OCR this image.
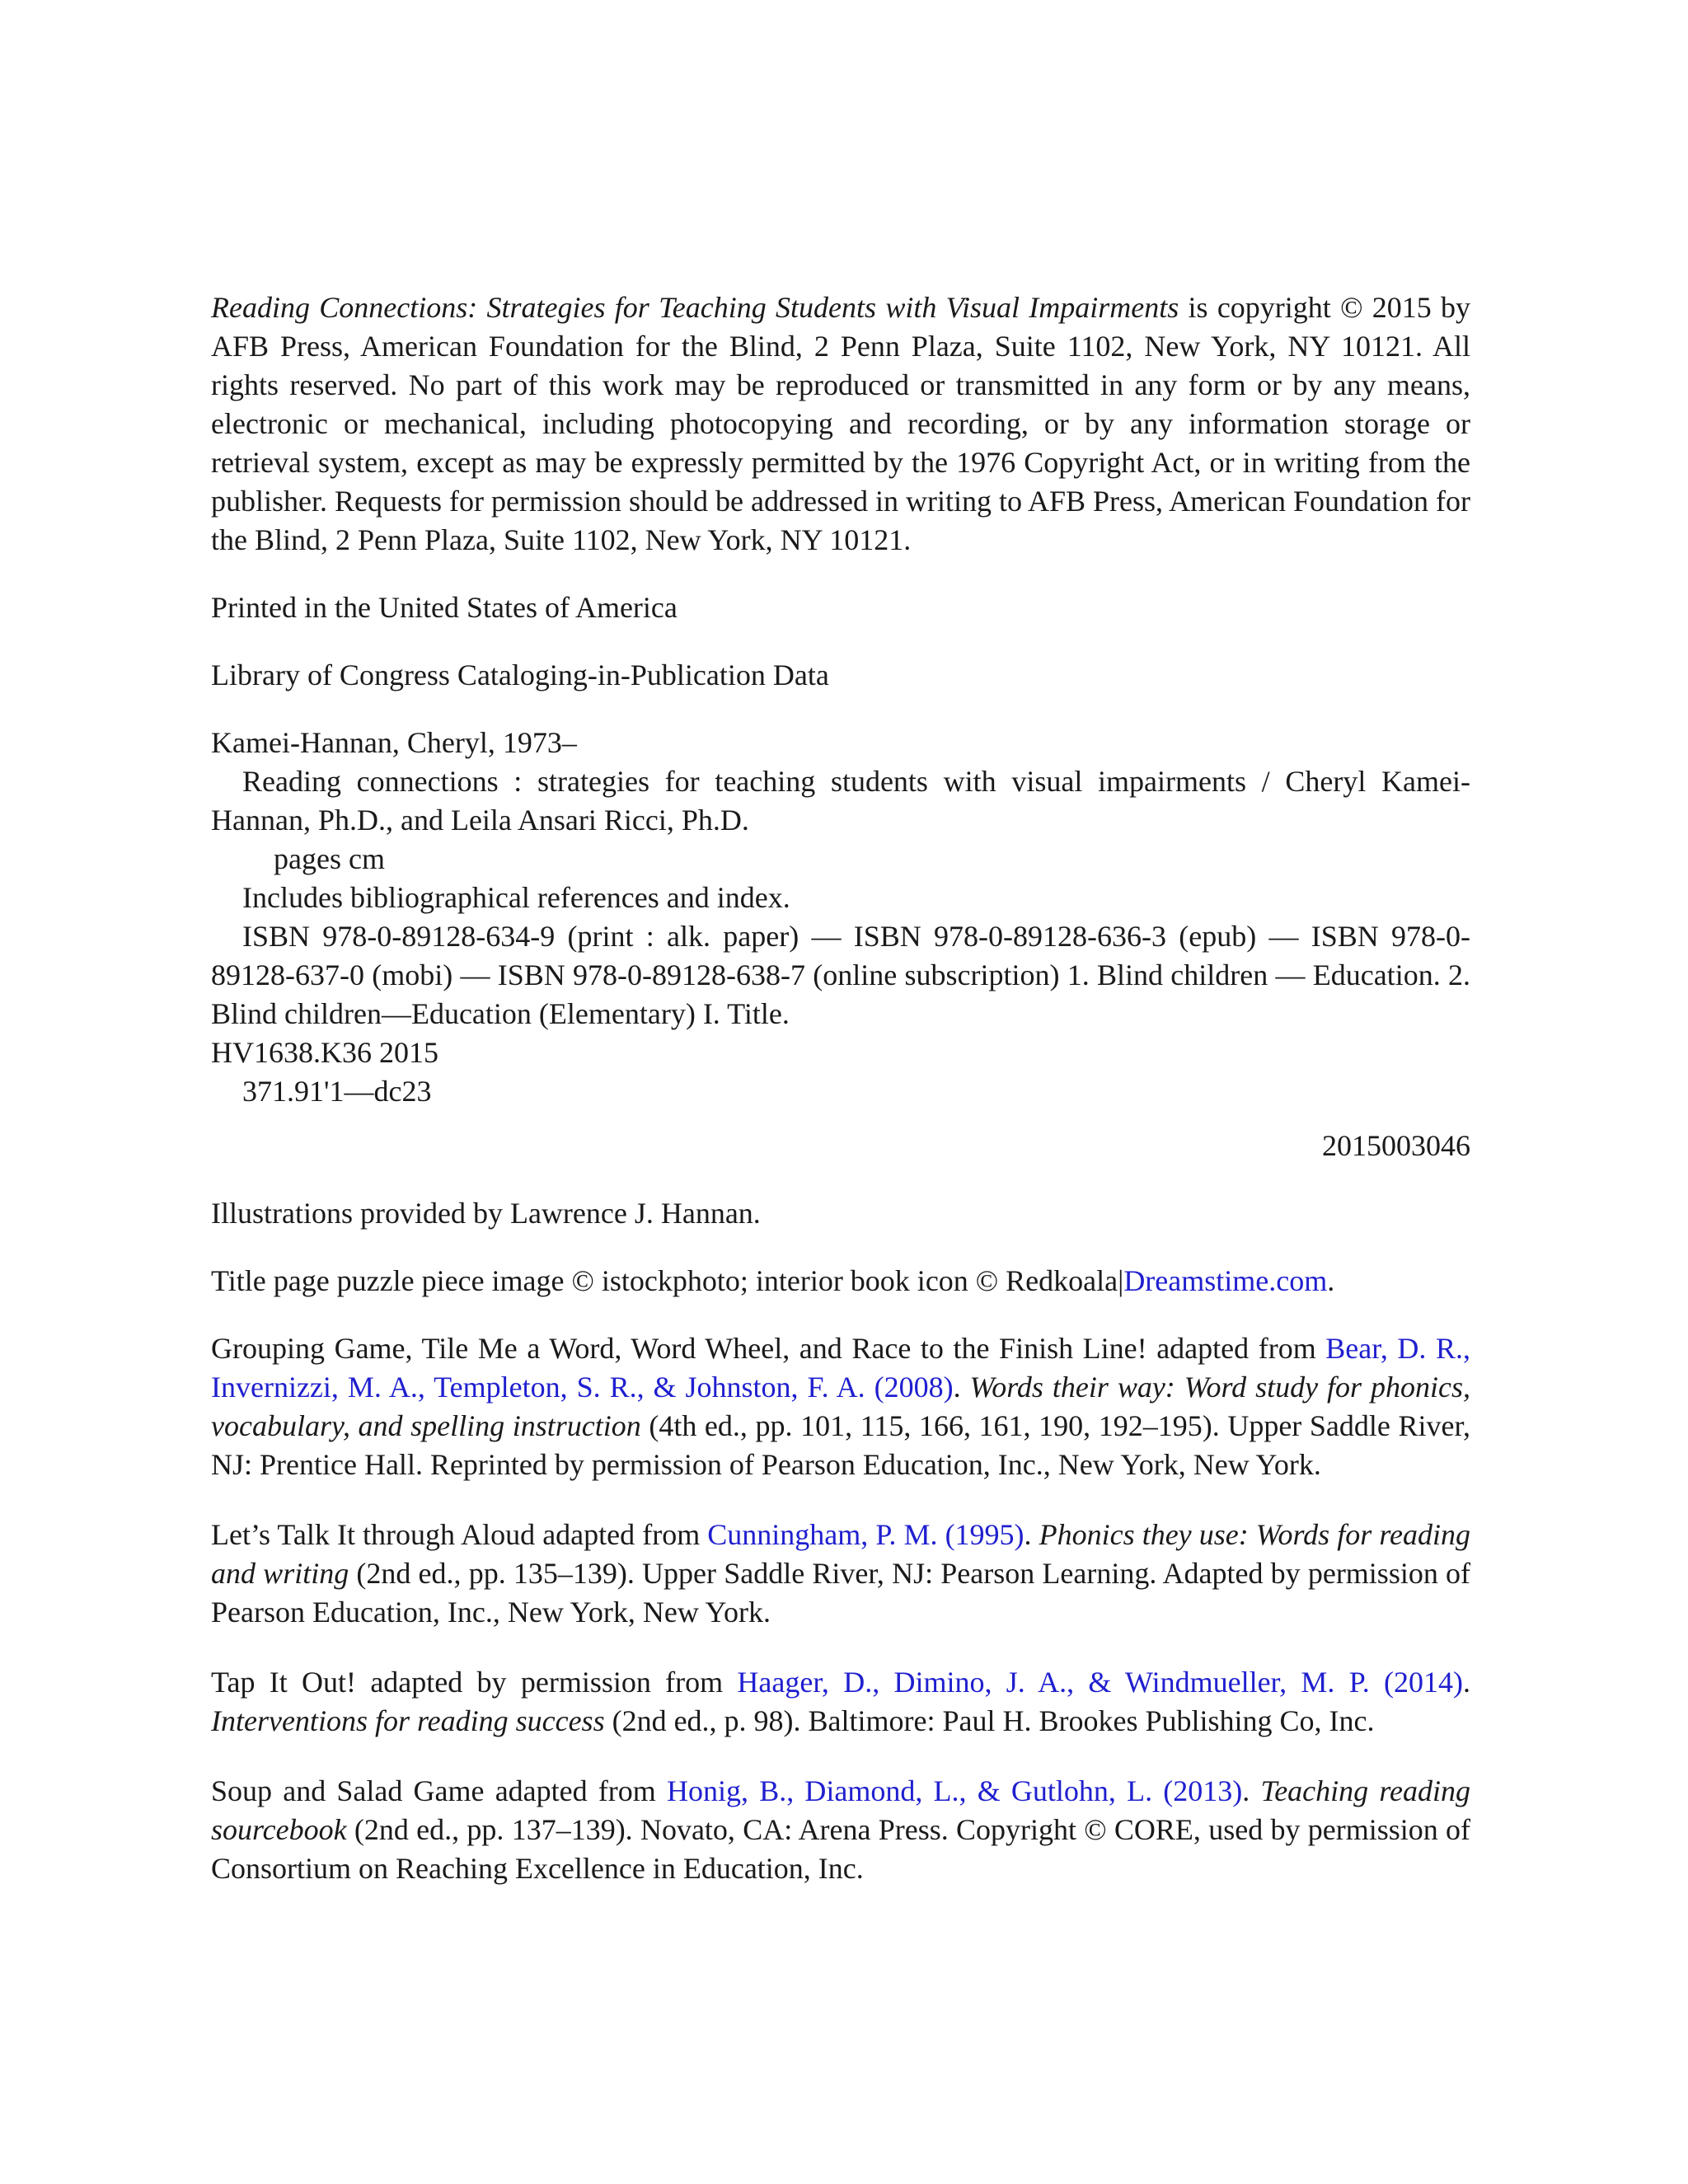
Reading Connections: Strategies for Teaching Students with Visual Impairments is copyright © 2015 by AFB Press, American Foundation for the Blind, 2 Penn Plaza, Suite 1102, New York, NY 10121. All rights reserved. No part of this work may be reproduced or transmitted in any form or by any means, electronic or mechanical, including photocopying and recording, or by any information storage or retrieval system, except as may be expressly permitted by the 1976 Copyright Act, or in writing from the publisher. Requests for permission should be addressed in writing to AFB Press, American Foundation for the Blind, 2 Penn Plaza, Suite 1102, New York, NY 10121.

Printed in the United States of America

Library of Congress Cataloging-in-Publication Data

Kamei-Hannan, Cheryl, 1973–

Reading connections : strategies for teaching students with visual impairments / Cheryl Kamei-Hannan, Ph.D., and Leila Ansari Ricci, Ph.D.

pages cm

Includes bibliographical references and index.

ISBN 978-0-89128-634-9 (print : alk. paper) — ISBN 978-0-89128-636-3 (epub) — ISBN 978-0-89128-637-0 (mobi) — ISBN 978-0-89128-638-7 (online subscription) 1. Blind children — Education. 2. Blind children—Education (Elementary) I. Title.

HV1638.K36 2015

371.91'1—dc23

2015003046

Illustrations provided by Lawrence J. Hannan.

Title page puzzle piece image © istockphoto; interior book icon © Redkoala|Dreamstime.com.

Grouping Game, Tile Me a Word, Word Wheel, and Race to the Finish Line! adapted from Bear, D. R., Invernizzi, M. A., Templeton, S. R., & Johnston, F. A. (2008). Words their way: Word study for phonics, vocabulary, and spelling instruction (4th ed., pp. 101, 115, 166, 161, 190, 192–195). Upper Saddle River, NJ: Prentice Hall. Reprinted by permission of Pearson Education, Inc., New York, New York.

Let’s Talk It through Aloud adapted from Cunningham, P. M. (1995). Phonics they use: Words for reading and writing (2nd ed., pp. 135–139). Upper Saddle River, NJ: Pearson Learning. Adapted by permission of Pearson Education, Inc., New York, New York.

Tap It Out! adapted by permission from Haager, D., Dimino, J. A., & Windmueller, M. P. (2014). Interventions for reading success (2nd ed., p. 98). Baltimore: Paul H. Brookes Publishing Co, Inc.

Soup and Salad Game adapted from Honig, B., Diamond, L., & Gutlohn, L. (2013). Teaching reading sourcebook (2nd ed., pp. 137–139). Novato, CA: Arena Press. Copyright © CORE, used by permission of Consortium on Reaching Excellence in Education, Inc.
